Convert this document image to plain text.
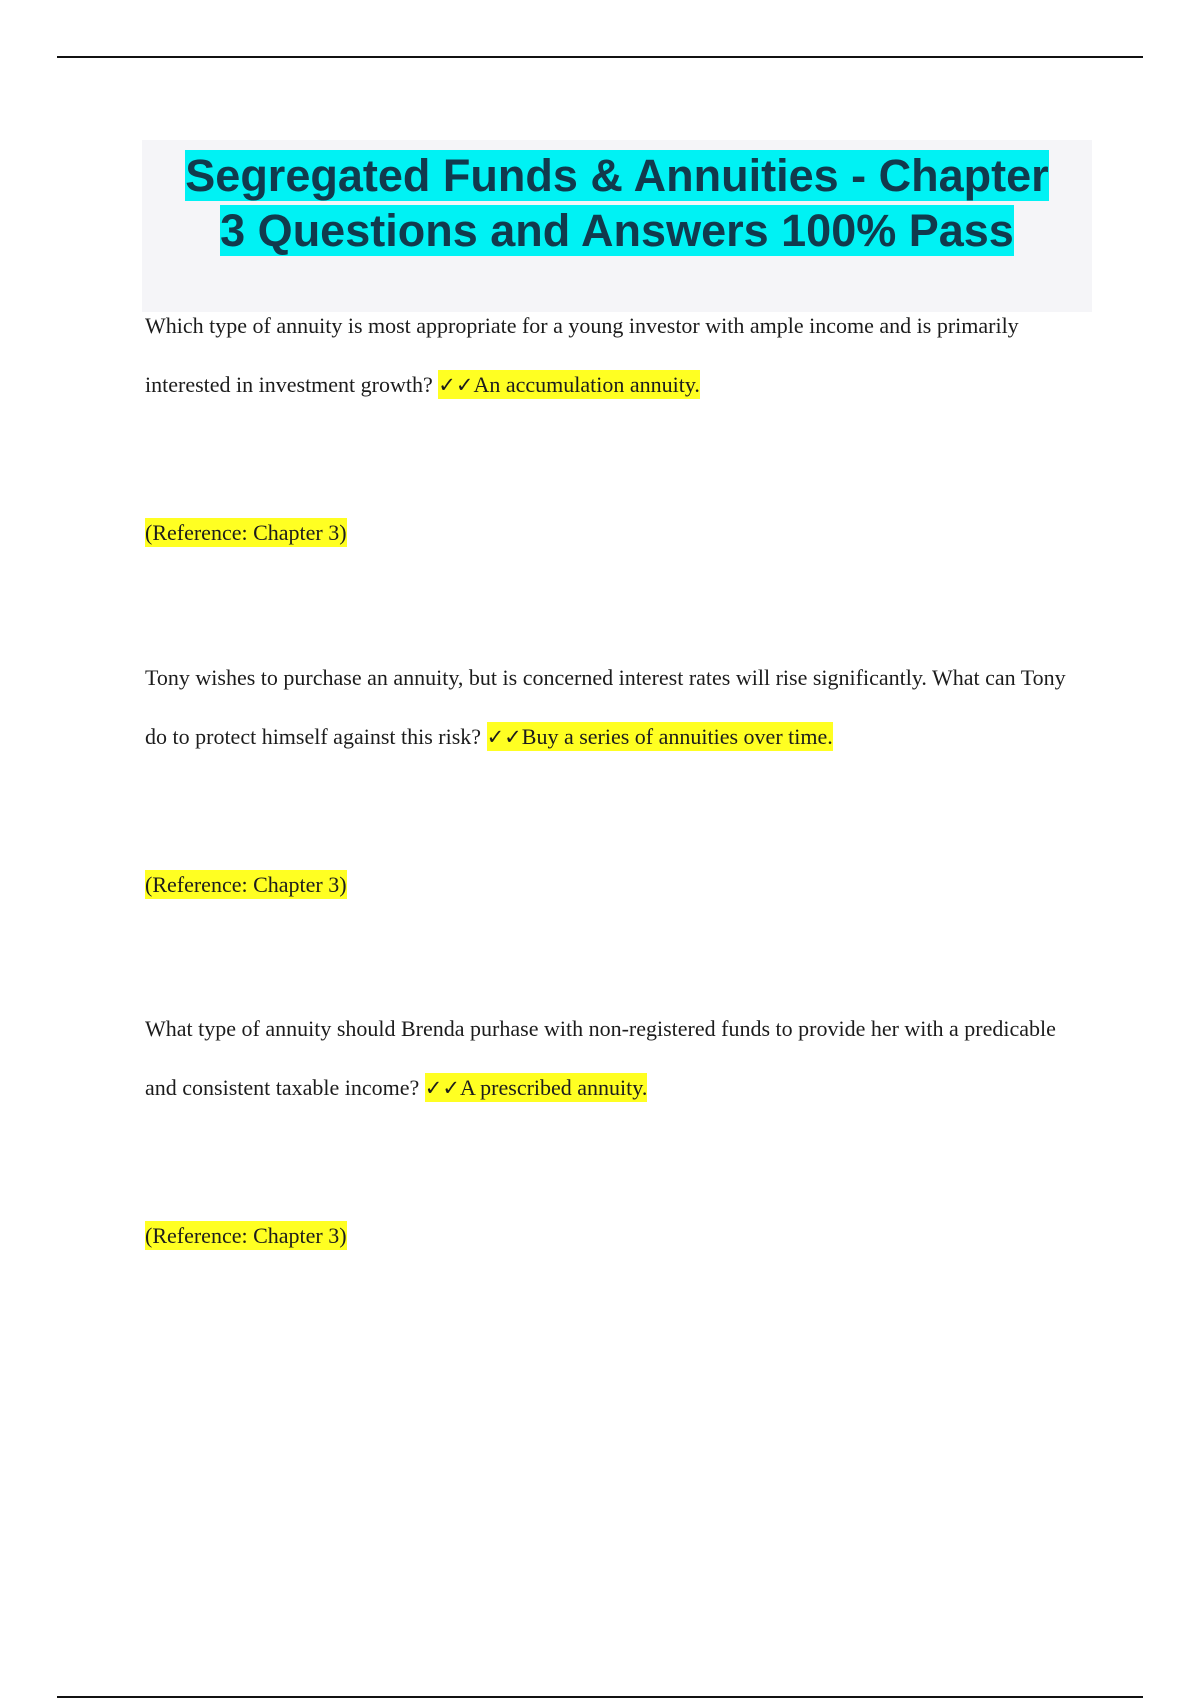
Segregated Funds & Annuities - Chapter
3 Questions and Answers 100% Pass

Which type of annuity is most appropriate for a young investor with ample income and is primarily interested in investment growth? ✓✓An accumulation annuity.

(Reference: Chapter 3)

Tony wishes to purchase an annuity, but is concerned interest rates will rise significantly. What can Tony do to protect himself against this risk? ✓✓Buy a series of annuities over time.

(Reference: Chapter 3)

What type of annuity should Brenda purhase with non-registered funds to provide her with a predicable and consistent taxable income? ✓✓A prescribed annuity.

(Reference: Chapter 3)
